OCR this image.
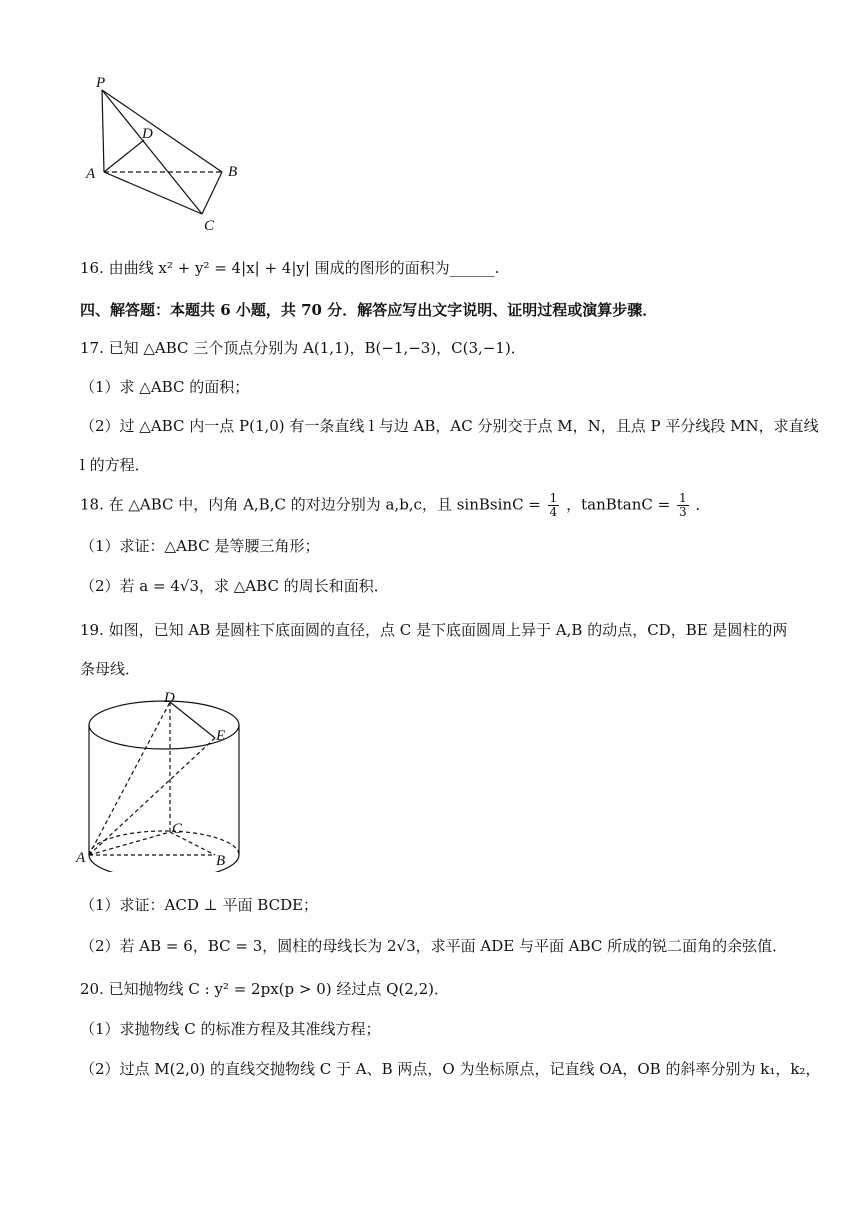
P
D
A	B
C
16. 由曲线 x² + y² = 4|x| + 4|y| 围成的图形的面积为______.
四、解答题：本题共 6 小题，共 70 分．解答应写出文字说明、证明过程或演算步骤．
17. 已知 △ABC 三个顶点分别为 A(1,1)，B(−1,−3)，C(3,−1)．
（1）求 △ABC 的面积；
（2）过 △ABC 内一点 P(1,0) 有一条直线 l 与边 AB，AC 分别交于点 M，N，且点 P 平分线段 MN，求直线
l 的方程．
18. 在 △ABC 中，内角 A,B,C 的对边分别为 a,b,c，且 sinBsinC = $\frac{1}{4}$ ，tanBtanC = $\frac{1}{3}$ ．
（1）求证：△ABC 是等腰三角形；
（2）若 a = 4√3，求 △ABC 的周长和面积．
19. 如图，已知 AB 是圆柱下底面圆的直径，点 C 是下底面圆周上异于 A,B 的动点，CD，BE 是圆柱的两
条母线．
D
E
C
A	B
（1）求证：ACD ⊥ 平面 BCDE；
（2）若 AB = 6，BC = 3，圆柱的母线长为 2√3，求平面 ADE 与平面 ABC 所成的锐二面角的余弦值．
20. 已知抛物线 C : y² = 2px(p > 0) 经过点 Q(2,2)．
（1）求抛物线 C 的标准方程及其准线方程；
（2）过点 M(2,0) 的直线交抛物线 C 于 A、B 两点，O 为坐标原点，记直线 OA，OB 的斜率分别为 k₁，k₂，
